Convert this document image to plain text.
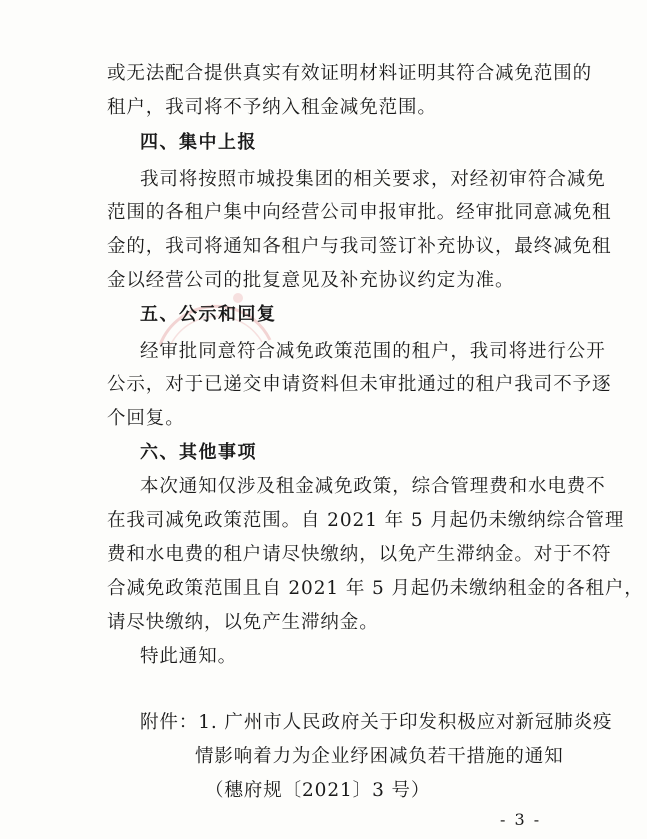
- 3 -
或无法配合提供真实有效证明材料证明其符合减免范围的
租户，我司将不予纳入租金减免范围。
四、集中上报
我司将按照市城投集团的相关要求，对经初审符合减免
范围的各租户集中向经营公司申报审批。经审批同意减免租
金的，我司将通知各租户与我司签订补充协议，最终减免租
金以经营公司的批复意见及补充协议约定为准。
五、公示和回复
经审批同意符合减免政策范围的租户，我司将进行公开
公示，对于已递交申请资料但未审批通过的租户我司不予逐
个回复。
六、其他事项
本次通知仅涉及租金减免政策，综合管理费和水电费不
在我司减免政策范围。自 2021 年 5 月起仍未缴纳综合管理
费和水电费的租户请尽快缴纳，以免产生滞纳金。对于不符
合减免政策范围且自 2021 年 5 月起仍未缴纳租金的各租户，
请尽快缴纳，以免产生滞纳金。
特此通知。
附件：1. 广州市人民政府关于印发积极应对新冠肺炎疫
情影响着力为企业纾困减负若干措施的通知
（穗府规〔2021〕3 号）
